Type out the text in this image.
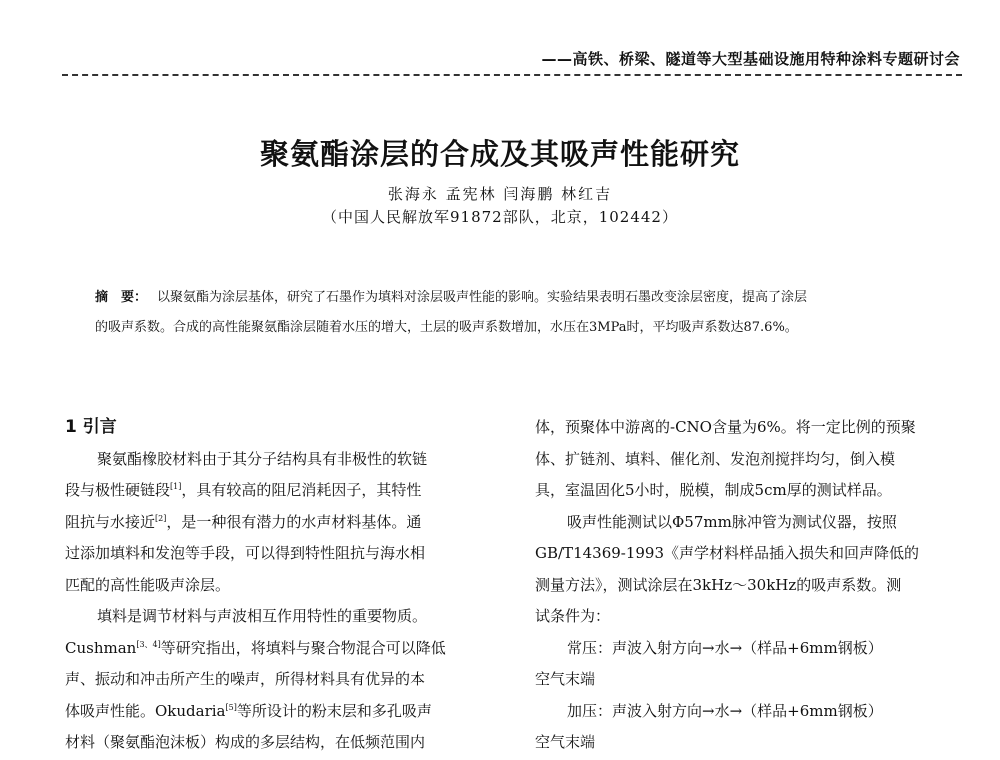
——高铁、桥梁、隧道等大型基础设施用特种涂料专题研讨会
聚氨酯涂层的合成及其吸声性能研究
张海永 孟宪林 闫海鹏 林红吉
（中国人民解放军91872部队，北京，102442）
摘　要： 以聚氨酯为涂层基体，研究了石墨作为填料对涂层吸声性能的影响。实验结果表明石墨改变涂层密度，提高了涂层
的吸声系数。合成的高性能聚氨酯涂层随着水压的增大，土层的吸声系数增加，水压在3MPa时，平均吸声系数达87.6%。
1 引言
聚氨酯橡胶材料由于其分子结构具有非极性的软链
段与极性硬链段[1]，具有较高的阻尼消耗因子，其特性
阻抗与水接近[2]，是一种很有潜力的水声材料基体。通
过添加填料和发泡等手段，可以得到特性阻抗与海水相
匹配的高性能吸声涂层。
填料是调节材料与声波相互作用特性的重要物质。
Cushman[3、4]等研究指出，将填料与聚合物混合可以降低
声、振动和冲击所产生的噪声，所得材料具有优异的本
体吸声性能。Okudaria[5]等所设计的粉末层和多孔吸声
材料（聚氨酯泡沫板）构成的多层结构，在低频范围内
体，预聚体中游离的-CNO含量为6%。将一定比例的预聚
体、扩链剂、填料、催化剂、发泡剂搅拌均匀，倒入模
具，室温固化5小时，脱模，制成5cm厚的测试样品。
吸声性能测试以Φ57mm脉冲管为测试仪器，按照
GB/T14369-1993《声学材料样品插入损失和回声降低的
测量方法》，测试涂层在3kHz～30kHz的吸声系数。测
试条件为：
常压：声波入射方向→水→（样品+6mm钢板）
空气末端
加压：声波入射方向→水→（样品+6mm钢板）
空气末端
